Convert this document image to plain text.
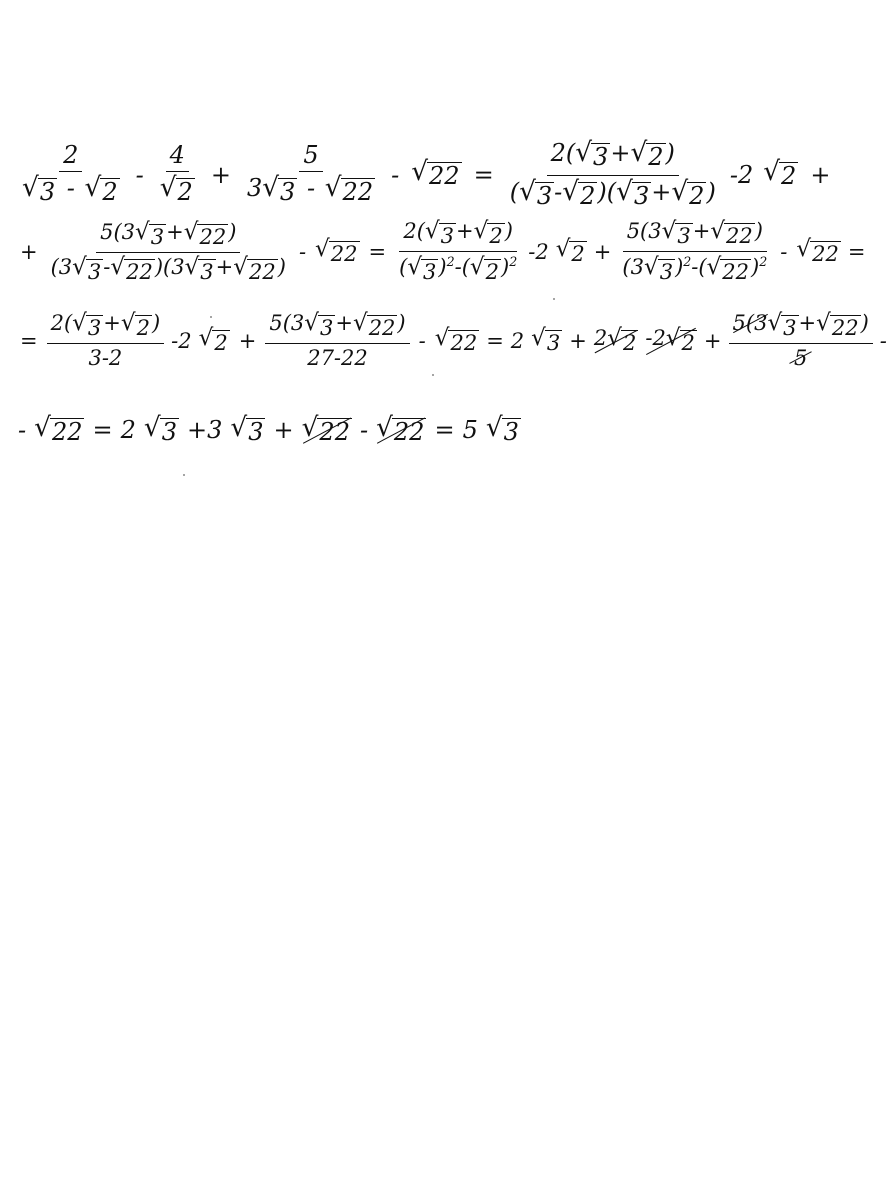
$\frac{2}{√ 3 - √ 2} - \frac{4}{√ 2} + \frac{5}{3 √ 3 - √ 22}$ - √ $22 = \frac{2( √ 3 + √ 2 )}{( √ 3 - √ 2 )( √ 3 + √ 2 )} -2$ √ 2 +
+ $\frac{5(3 √ 3 + √ 22 )}{(3 √ 3 - √ 22 )(3 √ 3 + √ 22 )}$ - √ $22 = \frac{2( √ 3 + √ 2 )}{( √ 3 )^2-( √ 2 )^2} -2$ √ $2 + \frac{5(3 √ 3 + √ 22 )}{(3 √ 3 )^2-( √ 22 )^2}$ - √ 22 =
= $\frac{2( √ 3 + √ 2 )}{3-2} -2$ √ $2 + \frac{5(3 √ 3 + √ 22 )}{27-22}$ - √ 22 = 2 √ 3 + 2 √ 2 -2 √ $2 + \frac{5(3 √ 3 + √ 22 )}{5}$ -
- √ 22 = 2 √ 3 +3 √ 3 + √ 22 - √ 22 = 5 √ 3
